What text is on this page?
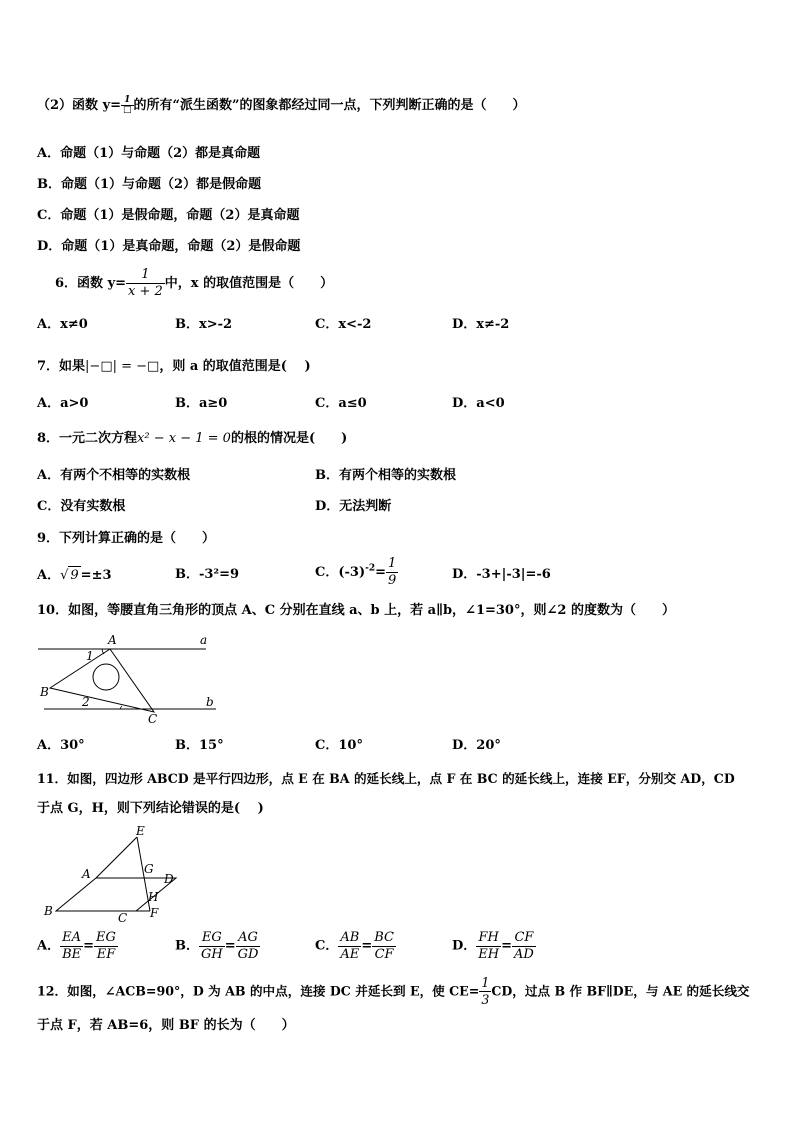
（2）函数 $y= \frac{1}{□}$ 的所有“派生函数”的图象都经过同一点，下列判断正确的是（　　）
A．命题（1）与命题（2）都是真命题
B．命题（1）与命题（2）都是假命题
C．命题（1）是假命题，命题（2）是真命题
D．命题（1）是真命题，命题（2）是假命题
6．函数 $y= \frac{1}{x + 2}$ 中，x 的取值范围是（　　）
A．x≠0	B．x>-2	C．x<-2	D．x≠-2
7．如果|−□| = −□，则 a 的取值范围是(　 )
A．a>0	B．a≥0	C．a≤0	D．a<0
8．一元二次方程x² − x − 1 = 0的根的情况是(　　)
A．有两个不相等的实数根	B．有两个相等的实数根
C．没有实数根	D．无法判断
9．下列计算正确的是（　　）
A．√ 9 =±3	B．-3²=9	C．$(-3)^{-2}= \frac{1}{9}$	D．-3+|-3|=-6
10．如图，等腰直角三角形的顶点 A、C 分别在直线 a、b 上，若 a∥b，∠1=30°，则∠2 的度数为（　　）
A	a
1
B
2	b
C
A．30°	B．15°	C．10°	D．20°
11．如图，四边形 ABCD 是平行四边形，点 E 在 BA 的延长线上，点 F 在 BC 的延长线上，连接 EF，分别交 AD，CD
于点 G，H，则下列结论错误的是(　 )
E
A	G
D
H
B	C F
A． $\frac{EA}{BE} = \frac{EG}{EF}$	B． $\frac{EG}{GH} = \frac{AG}{GD}$	C． $\frac{AB}{AE} = \frac{BC}{CF}$	D． $\frac{FH}{EH} = \frac{CF}{AD}$
12．如图，∠ACB=90°，D 为 AB 的中点，连接 DC 并延长到 E，使 $CE= \frac{1}{3}$ CD，过点 B 作 BF∥DE，与 AE 的延长线交
于点 F，若 AB=6，则 BF 的长为（　　）
